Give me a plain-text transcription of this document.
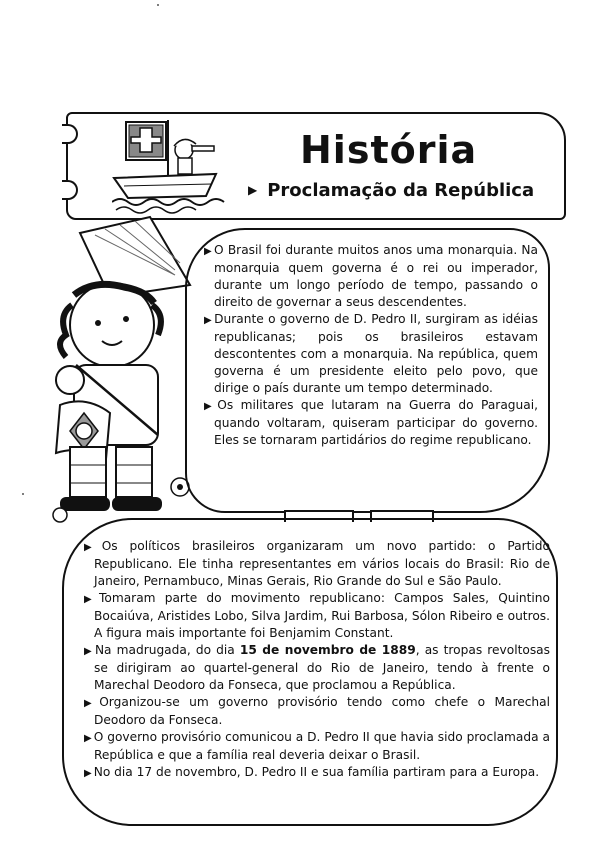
História
▶ Proclamação da República

▶ O Brasil foi durante muitos anos uma monarquia. Na monarquia quem governa é o rei ou imperador, durante um longo período de tempo, passando o direito de governar a seus descendentes.

▶ Durante o governo de D. Pedro II, surgiram as idéias republicanas; pois os brasileiros estavam descontentes com a monarquia. Na república, quem governa é um presidente eleito pelo povo, que dirige o país durante um tempo determinado.

▶ Os militares que lutaram na Guerra do Paraguai, quando voltaram, quiseram participar do governo. Eles se tornaram partidários do regime republicano.

▶ Os políticos brasileiros organizaram um novo partido: o Partido Republicano. Ele tinha representantes em vários locais do Brasil: Rio de Janeiro, Pernambuco, Minas Gerais, Rio Grande do Sul e São Paulo.

▶ Tomaram parte do movimento republicano: Campos Sales, Quintino Bocaiúva, Aristides Lobo, Silva Jardim, Rui Barbosa, Sólon Ribeiro e outros. A figura mais importante foi Benjamim Constant.

▶ Na madrugada, do dia 15 de novembro de 1889, as tropas revoltosas se dirigiram ao quartel-general do Rio de Janeiro, tendo à frente o Marechal Deodoro da Fonseca, que proclamou a República.

▶ Organizou-se um governo provisório tendo como chefe o Marechal Deodoro da Fonseca.

▶ O governo provisório comunicou a D. Pedro II que havia sido proclamada a República e que a família real deveria deixar o Brasil.

▶ No dia 17 de novembro, D. Pedro II e sua família partiram para a Europa.
